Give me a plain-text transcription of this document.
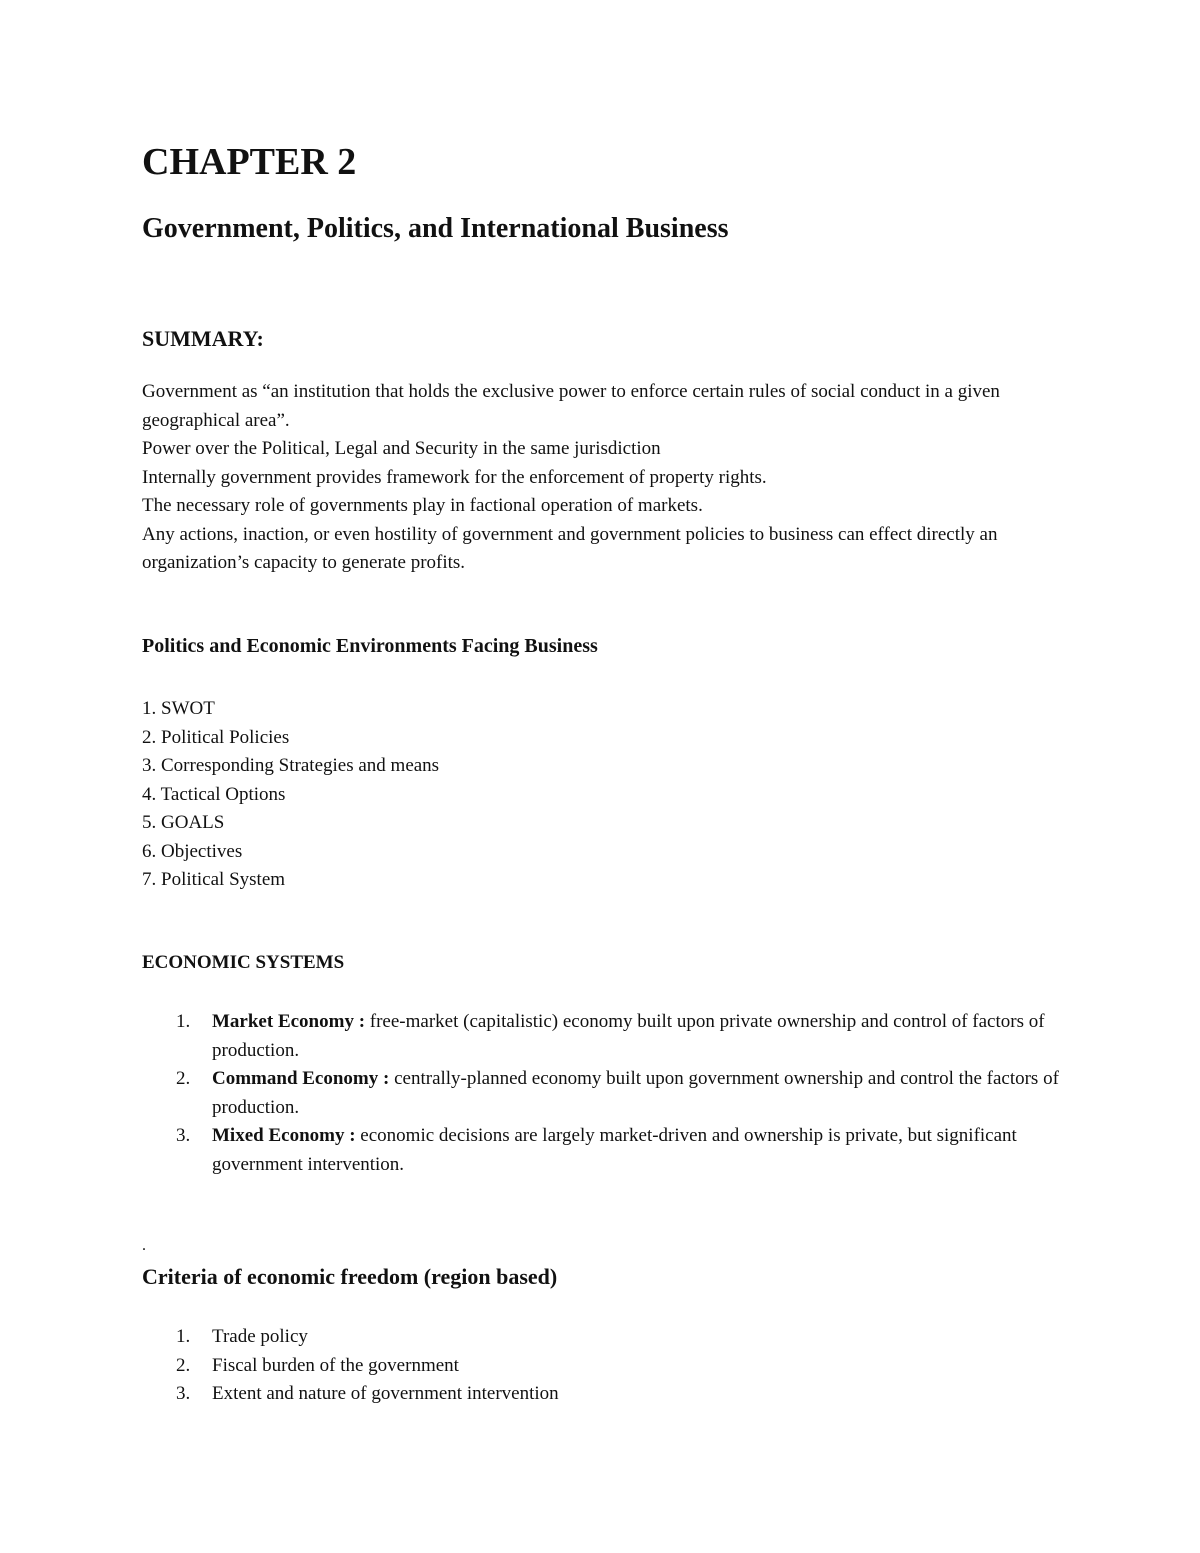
CHAPTER 2
Government, Politics, and International Business
SUMMARY:

Government as “an institution that holds the exclusive power to enforce certain rules of social conduct in a given geographical area”.

Power over the Political, Legal and Security in the same jurisdiction

Internally government provides framework for the enforcement of property rights.

The necessary role of governments play in factional operation of markets.

Any actions, inaction, or even hostility of government and government policies to business can effect directly an organization’s capacity to generate profits.

Politics and Economic Environments Facing Business
1. SWOT
2. Political Policies
3. Corresponding Strategies and means
4. Tactical Options
5. GOALS
6. Objectives
7. Political System
ECONOMIC SYSTEMS
1. Market Economy : free-market (capitalistic) economy built upon private ownership and control of factors of production.
2. Command Economy : centrally-planned economy built upon government ownership and control the factors of production.
3. Mixed Economy : economic decisions are largely market-driven and ownership is private, but significant government intervention.
.
Criteria of economic freedom (region based)
1. Trade policy
2. Fiscal burden of the government
3. Extent and nature of government intervention
